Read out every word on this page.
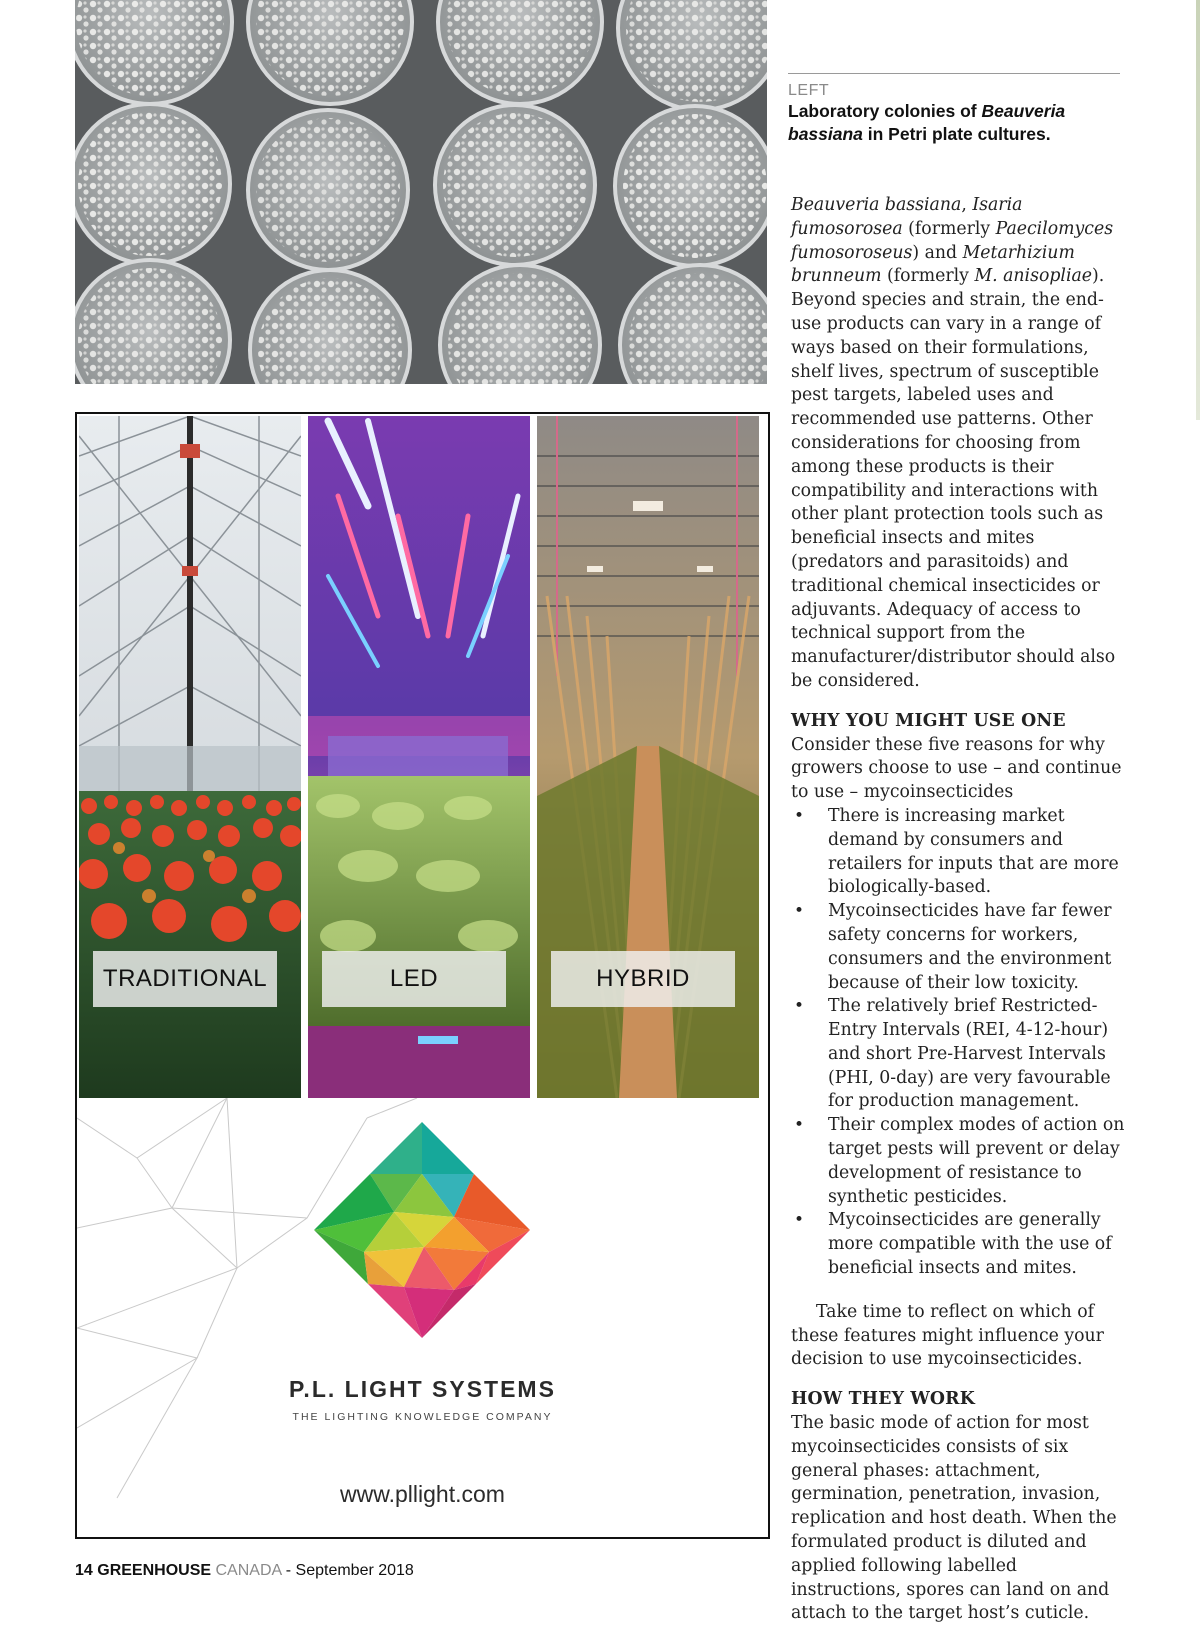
LEFT
Laboratory colonies of Beauveria bassiana in Petri plate cultures.

Beauveria bassiana, Isaria fumosorosea (formerly Paecilomyces fumosoroseus) and Metarhizium brunneum (formerly M. anisopliae). Beyond species and strain, the end-use products can vary in a range of ways based on their formulations, shelf lives, spectrum of susceptible pest targets, labeled uses and recommended use patterns. Other considerations for choosing from among these products is their compatibility and interactions with other plant protection tools such as beneficial insects and mites (predators and parasitoids) and traditional chemical insecticides or adjuvants. Adequacy of access to technical support from the manufacturer/distributor should also be considered.

WHY YOU MIGHT USE ONE

Consider these five reasons for why growers choose to use – and continue to use – mycoinsecticides

• There is increasing market demand by consumers and retailers for inputs that are more biologically-based.
• Mycoinsecticides have far fewer safety concerns for workers, consumers and the environment because of their low toxicity.
• The relatively brief Restricted-Entry Intervals (REI, 4-12-hour) and short Pre-Harvest Intervals (PHI, 0-day) are very favourable for production management.
• Their complex modes of action on target pests will prevent or delay development of resistance to synthetic pesticides.
• Mycoinsecticides are generally more compatible with the use of beneficial insects and mites.

Take time to reflect on which of these features might influence your decision to use mycoinsecticides.

HOW THEY WORK

The basic mode of action for most mycoinsecticides consists of six general phases: attachment, germination, penetration, invasion, replication and host death. When the formulated product is diluted and applied following labelled instructions, spores can land on and attach to the target host’s cuticle.

TRADITIONAL	LED	HYBRID
P.L. LIGHT SYSTEMS
THE LIGHTING KNOWLEDGE COMPANY
www.pllight.com
14 GREENHOUSE CANADA - September 2018
